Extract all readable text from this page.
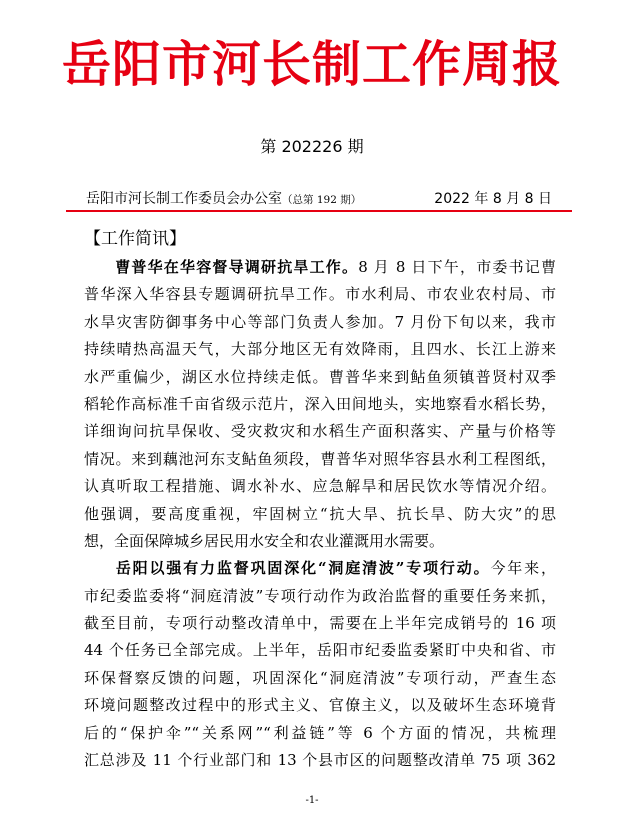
岳阳市河长制工作周报
第 202226 期
岳阳市河长制工作委员会办公室（总第 192 期）	2022 年 8 月 8 日
【工作简讯】
曹普华在华容督导调研抗旱工作。8 月 8 日下午，市委书记曹
普华深入华容县专题调研抗旱工作。市水利局、市农业农村局、市
水旱灾害防御事务中心等部门负责人参加。7 月份下旬以来，我市
持续晴热高温天气，大部分地区无有效降雨，且四水、长江上游来
水严重偏少，湖区水位持续走低。曹普华来到鲇鱼须镇普贤村双季
稻轮作高标准千亩省级示范片，深入田间地头，实地察看水稻长势，
详细询问抗旱保收、受灾救灾和水稻生产面积落实、产量与价格等
情况。来到藕池河东支鲇鱼须段，曹普华对照华容县水利工程图纸，
认真听取工程措施、调水补水、应急解旱和居民饮水等情况介绍。
他强调，要高度重视，牢固树立“抗大旱、抗长旱、防大灾”的思
想，全面保障城乡居民用水安全和农业灌溉用水需要。
岳阳以强有力监督巩固深化“洞庭清波”专项行动。今年来，
市纪委监委将“洞庭清波”专项行动作为政治监督的重要任务来抓，
截至目前，专项行动整改清单中，需要在上半年完成销号的 16 项
44 个任务已全部完成。上半年，岳阳市纪委监委紧盯中央和省、市
环保督察反馈的问题，巩固深化“洞庭清波”专项行动，严查生态
环境问题整改过程中的形式主义、官僚主义，以及破坏生态环境背
后的“保护伞”“关系网”“利益链”等 6 个方面的情况，共梳理
汇总涉及 11 个行业部门和 13 个县市区的问题整改清单 75 项 362
-1-
